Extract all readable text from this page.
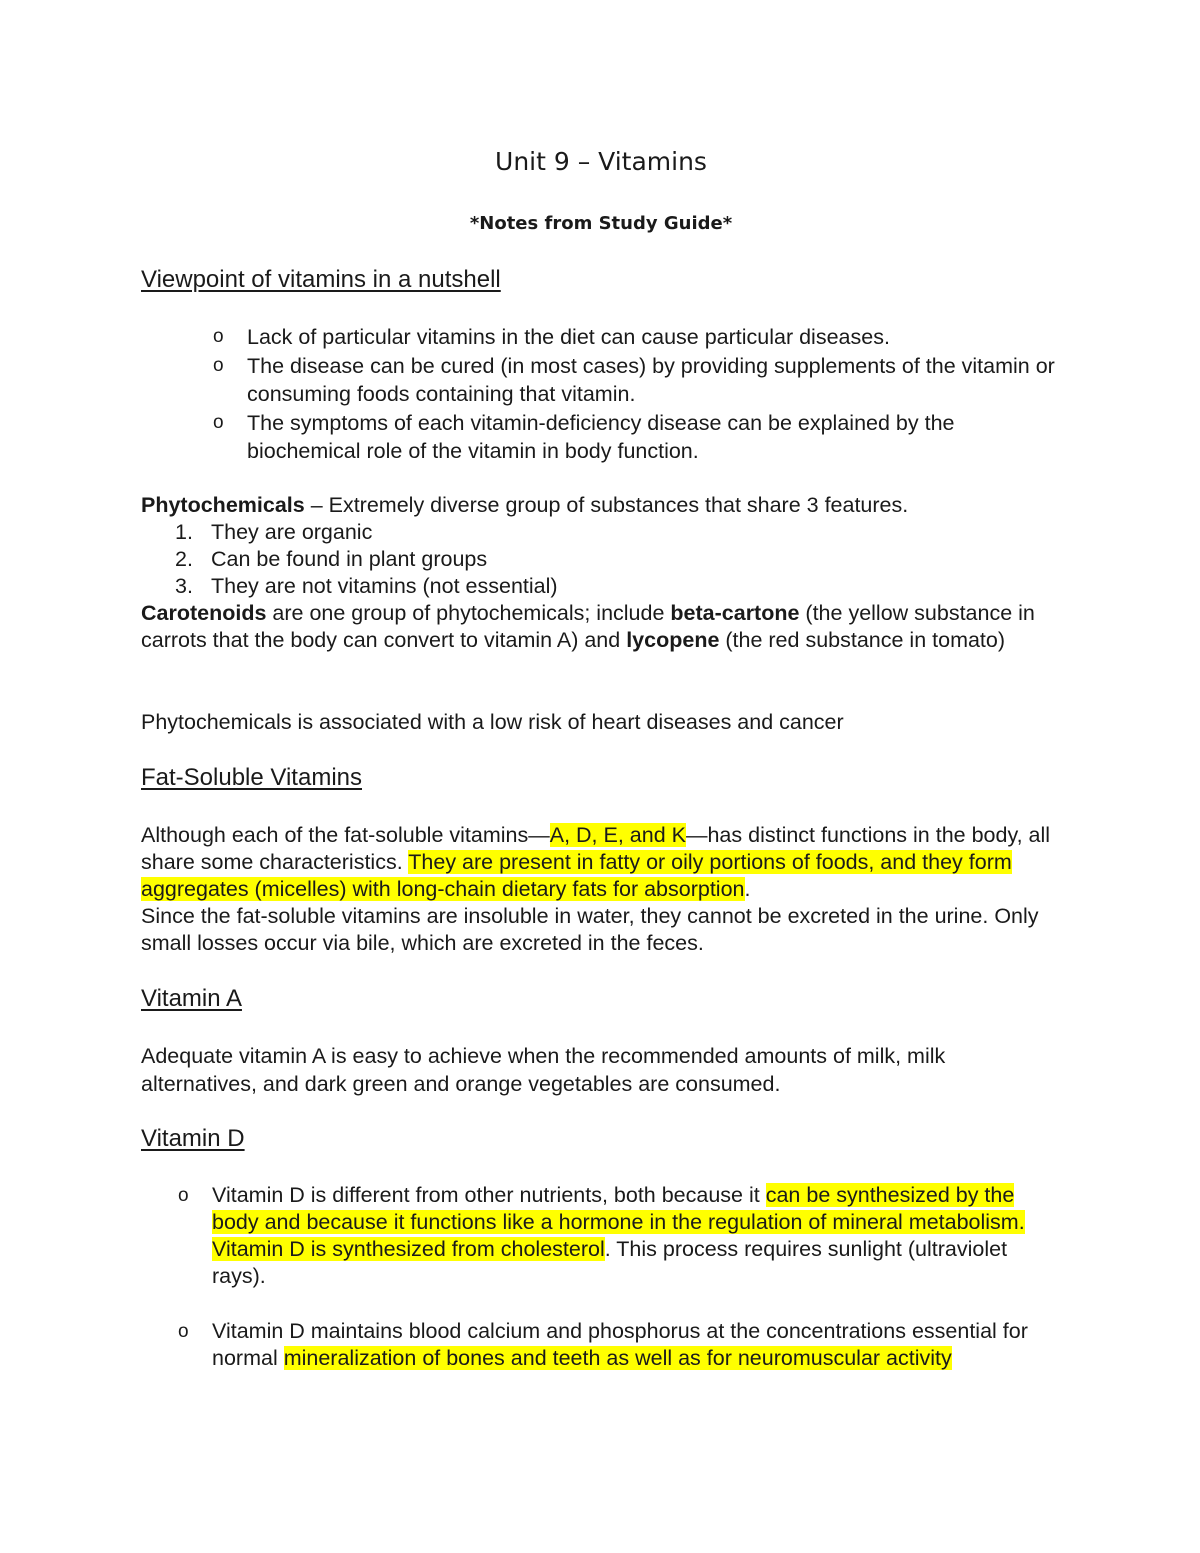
Unit 9 – Vitamins

*Notes from Study Guide*

Viewpoint of vitamins in a nutshell
o Lack of particular vitamins in the diet can cause particular diseases.
o The disease can be cured (in most cases) by providing supplements of the vitamin or consuming foods containing that vitamin.
o The symptoms of each vitamin-deficiency disease can be explained by the biochemical role of the vitamin in body function.

Phytochemicals – Extremely diverse group of substances that share 3 features.

1. They are organic
2. Can be found in plant groups
3. They are not vitamins (not essential)

Carotenoids are one group of phytochemicals; include beta-cartone (the yellow substance in carrots that the body can convert to vitamin A) and lycopene (the red substance in tomato)

Phytochemicals is associated with a low risk of heart diseases and cancer

Fat-Soluble Vitamins

Although each of the fat-soluble vitamins—A, D, E, and K—has distinct functions in the body, all share some characteristics. They are present in fatty or oily portions of foods, and they form aggregates (micelles) with long-chain dietary fats for absorption.
Since the fat-soluble vitamins are insoluble in water, they cannot be excreted in the urine. Only small losses occur via bile, which are excreted in the feces.

Vitamin A

Adequate vitamin A is easy to achieve when the recommended amounts of milk, milk alternatives, and dark green and orange vegetables are consumed.

Vitamin D
o Vitamin D is different from other nutrients, both because it can be synthesized by the body and because it functions like a hormone in the regulation of mineral metabolism. Vitamin D is synthesized from cholesterol. This process requires sunlight (ultraviolet rays).
o Vitamin D maintains blood calcium and phosphorus at the concentrations essential for normal mineralization of bones and teeth as well as for neuromuscular activity
